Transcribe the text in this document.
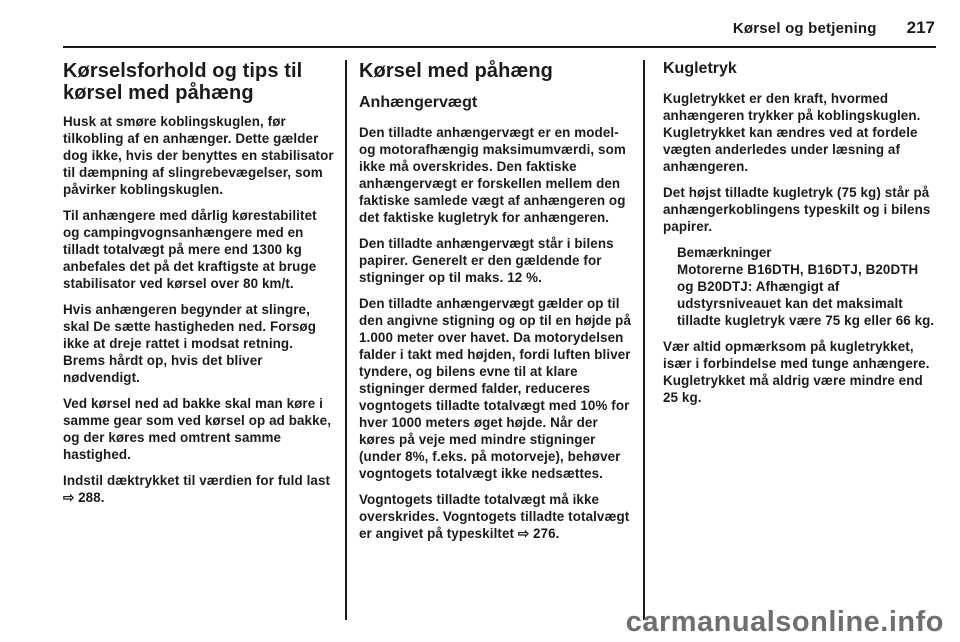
Kørsel og betjening 217
Kørselsforhold og tips til kørsel med påhæng

Husk at smøre koblingskuglen, før tilkobling af en anhænger. Dette gælder dog ikke, hvis der benyttes en stabilisator til dæmpning af slingrebevægelser, som påvirker koblingskuglen.

Til anhængere med dårlig kørestabilitet og campingvognsanhængere med en tilladt totalvægt på mere end 1300 kg anbefales det på det kraftigste at bruge stabilisator ved kørsel over 80 km/t.

Hvis anhængeren begynder at slingre, skal De sætte hastigheden ned. Forsøg ikke at dreje rattet i modsat retning. Brems hårdt op, hvis det bliver nødvendigt.

Ved kørsel ned ad bakke skal man køre i samme gear som ved kørsel op ad bakke, og der køres med omtrent samme hastighed.

Indstil dæktrykket til værdien for fuld last ⇨ 288.

Kørsel med påhæng
Anhængervægt

Den tilladte anhængervægt er en model- og motorafhængig maksimumværdi, som ikke må overskrides. Den faktiske anhængervægt er forskellen mellem den faktiske samlede vægt af anhængeren og det faktiske kugletryk for anhængeren.

Den tilladte anhængervægt står i bilens papirer. Generelt er den gældende for stigninger op til maks. 12 %.

Den tilladte anhængervægt gælder op til den angivne stigning og op til en højde på 1.000 meter over havet. Da motorydelsen falder i takt med højden, fordi luften bliver tyndere, og bilens evne til at klare stigninger dermed falder, reduceres vogntogets tilladte totalvægt med 10% for hver 1000 meters øget højde. Når der køres på veje med mindre stigninger (under 8%, f.eks. på motorveje), behøver vogntogets totalvægt ikke nedsættes.

Vogntogets tilladte totalvægt må ikke overskrides. Vogntogets tilladte totalvægt er angivet på typeskiltet ⇨ 276.

Kugletryk

Kugletrykket er den kraft, hvormed anhængeren trykker på koblingskuglen. Kugletrykket kan ændres ved at fordele vægten anderledes under læsning af anhængeren.

Det højst tilladte kugletryk (75 kg) står på anhængerkoblingens typeskilt og i bilens papirer.

Bemærkninger

Motorerne B16DTH, B16DTJ, B20DTH og B20DTJ: Afhængigt af udstyrsniveauet kan det maksimalt tilladte kugletryk være 75 kg eller 66 kg.

Vær altid opmærksom på kugletrykket, især i forbindelse med tunge anhængere. Kugletrykket må aldrig være mindre end 25 kg.

carmanualsonline.info
